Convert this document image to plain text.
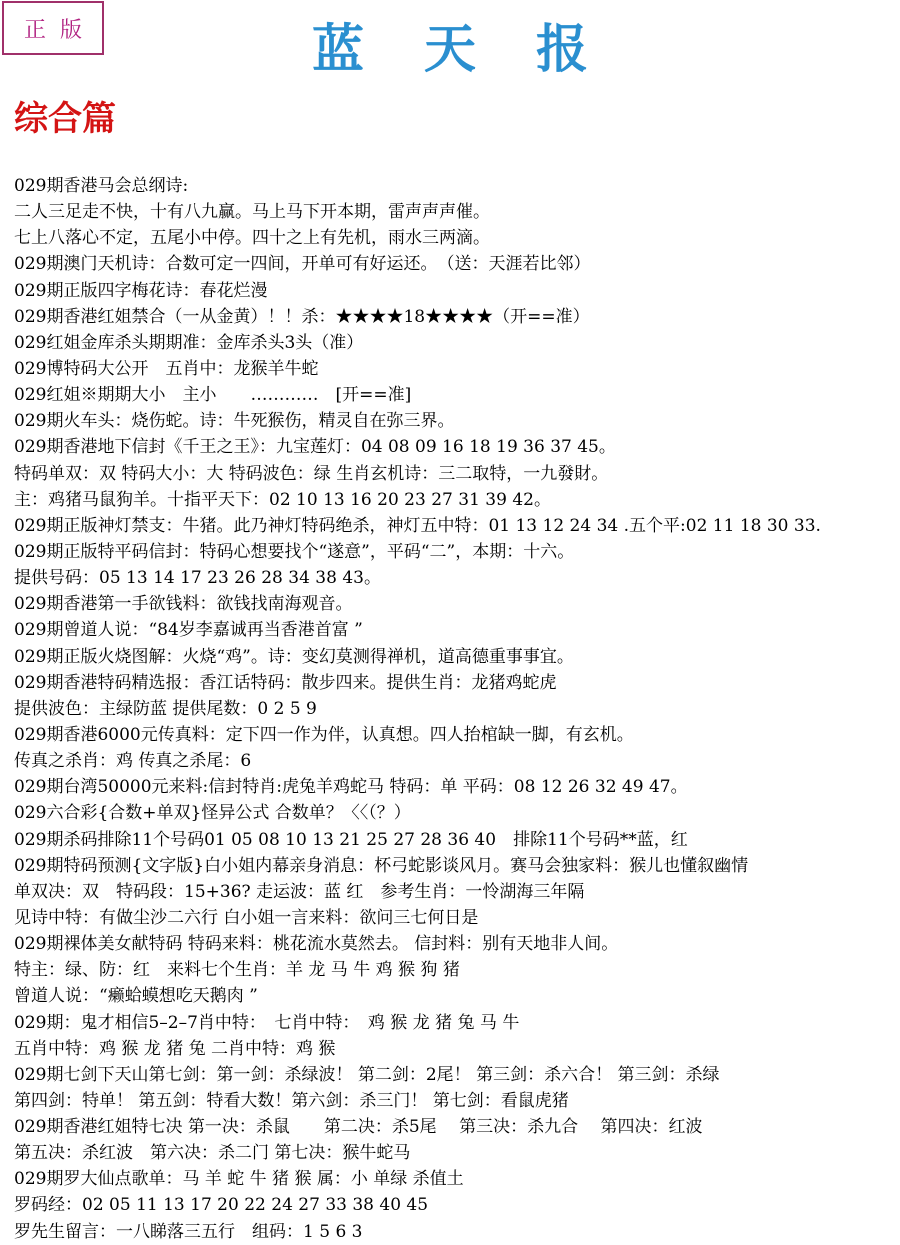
正版	蓝天报
综合篇
029期香港马会总纲诗:
二人三足走不快，十有八九赢。马上马下开本期，雷声声声催。
七上八落心不定，五尾小中停。四十之上有先机，雨水三两滴。
029期澳门天机诗：合数可定一四间，开单可有好运还。　（送：天涯若比邻）
029期正版四字梅花诗：春花烂漫
029期香港红姐禁合（一从金黄）！！杀：★★★★18★★★★（开==准）
029红姐金库杀头期期准：金库杀头3头（准）
029博特码大公开　五肖中：龙猴羊牛蛇
029红姐※期期大小　主小　　…………　[开==准]
029期火车头：烧伤蛇。诗：牛死猴伤，精灵自在弥三界。
029期香港地下信封《千王之王》：九宝莲灯：04 08 09 16 18 19 36 37 45。
特码单双：双 特码大小：大 特码波色：绿 生肖玄机诗：三二取特，一九發財。
主：鸡猪马鼠狗羊。十指平天下：02 10 13 16 20 23 27 31 39 42。
029期正版神灯禁支：牛猪。此乃神灯特码绝杀，神灯五中特：01 13 12 24 34 .五个平:02 11 18 30 33.
029期正版特平码信封：特码心想要找个“遂意”，平码“二”，本期：十六。
提供号码：05 13 14 17 23 26 28 34 38 43。
029期香港第一手欲钱料：欲钱找南海观音。
029期曾道人说：“84岁李嘉诚再当香港首富 ”
029期正版火烧图解：火烧“鸡”。诗：变幻莫测得禅机，道高德重事事宜。
029期香港特码精选报：香江话特码：散步四来。提供生肖：龙猪鸡蛇虎
提供波色：主绿防蓝 提供尾数：0 2 5 9
029期香港6000元传真料：定下四一作为伴，认真想。四人抬棺缺一脚，有玄机。
传真之杀肖：鸡 传真之杀尾：6
029期台湾50000元来料:信封特肖:虎兔羊鸡蛇马 特码：单 平码：08 12 26 32 49 47。
029六合彩{合数+单双}怪异公式 合数单？〈〈（？）
029期杀码排除11个号码01 05 08 10 13 21 25 27 28 36 40　排除11个号码**蓝，红
029期特码预测{文字版}白小姐内幕亲身消息：杯弓蛇影谈风月。赛马会独家料：猴儿也懂叙幽情
单双决：双　特码段：15+36? 走运波：蓝 红　参考生肖：一怜湖海三年隔
见诗中特：有做尘沙二六行 白小姐一言来料：欲问三七何日是
029期裸体美女献特码 特码来料：桃花流水莫然去。 信封料：别有天地非人间。
特主：绿、防：红　来料七个生肖：羊 龙 马 牛 鸡 猴 狗 猪
曾道人说：“癞蛤蟆想吃天鹅肉 ”
029期：鬼才相信5–2–7肖中特：　七肖中特：　鸡 猴 龙 猪 兔 马 牛
五肖中特：鸡 猴 龙 猪 兔 二肖中特：鸡 猴
029期七剑下天山第七剑：第一剑：杀绿波！ 第二剑：2尾！ 第三剑：杀六合！ 第三剑：杀绿
第四剑：特单！ 第五剑：特看大数！第六剑：杀三门！ 第七剑：看鼠虎猪
029期香港红姐特七决 第一决：杀鼠　　第二决：杀5尾　 第三决：杀九合　 第四决：红波
第五决：杀红波　第六决：杀二门 第七决：猴牛蛇马
029期罗大仙点歌单：马 羊 蛇 牛 猪 猴 属：小 单绿 杀值土
罗码经：02 05 11 13 17 20 22 24 27 33 38 40 45
罗先生留言：一八睇落三五行　组码：1 5 6 3
